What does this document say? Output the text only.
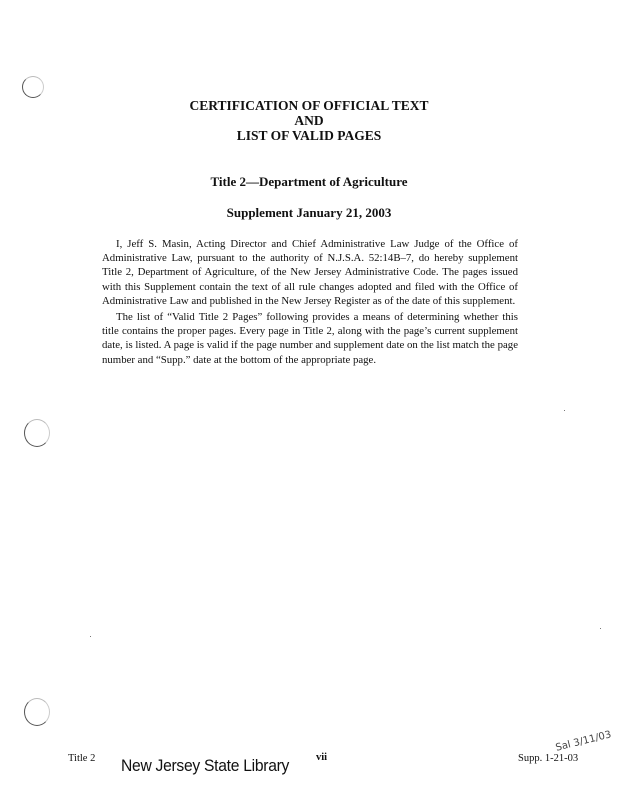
CERTIFICATION OF OFFICIAL TEXT
AND
LIST OF VALID PAGES
Title 2—Department of Agriculture
Supplement January 21, 2003

I, Jeff S. Masin, Acting Director and Chief Administrative Law Judge of the Office of Administrative Law, pursuant to the authority of N.J.S.A. 52:14B–7, do hereby supplement Title 2, Department of Agriculture, of the New Jersey Administrative Code. The pages issued with this Supplement contain the text of all rule changes adopted and filed with the Office of Administrative Law and published in the New Jersey Register as of the date of this supplement.

The list of “Valid Title 2 Pages” following provides a means of determining whether this title contains the proper pages. Every page in Title 2, along with the page’s current supplement date, is listed. A page is valid if the page number and supplement date on the list match the page number and “Supp.” date at the bottom of the appropriate page.

Title 2 New Jersey State Library	vii	Supp. 1-21-03
Sal 3/11/03
